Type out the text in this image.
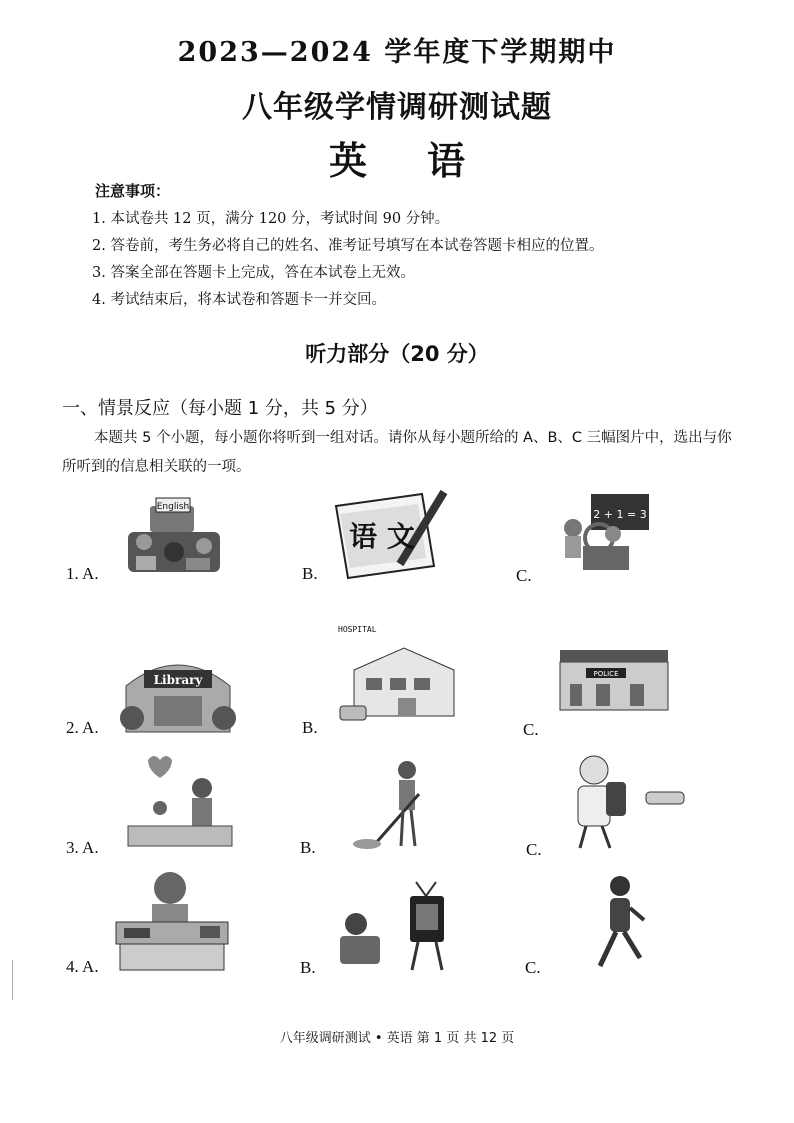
2023—2024 学年度下学期期中
八年级学情调研测试题
英语
注意事项：
1. 本试卷共 12 页，满分 120 分，考试时间 90 分钟。
2. 答卷前，考生务必将自己的姓名、准考证号填写在本试卷答题卡相应的位置。
3. 答案全部在答题卡上完成，答在本试卷上无效。
4. 考试结束后，将本试卷和答题卡一并交回。
听力部分（20 分）
一、情景反应（每小题 1 分，共 5 分）
本题共 5 个小题，每小题你将听到一组对话。请你从每小题所给的 A、B、C 三幅图片中，选出与你所听到的信息相关联的一项。
1. A.
English
B.
语 文
C.
2 + 1 = 3
2. A.
Library
B.
HOSPITAL
C.
POLICE
3. A.	B.	C.
4. A.	B.	C.
八年级调研测试 • 英语 第 1 页 共 12 页
